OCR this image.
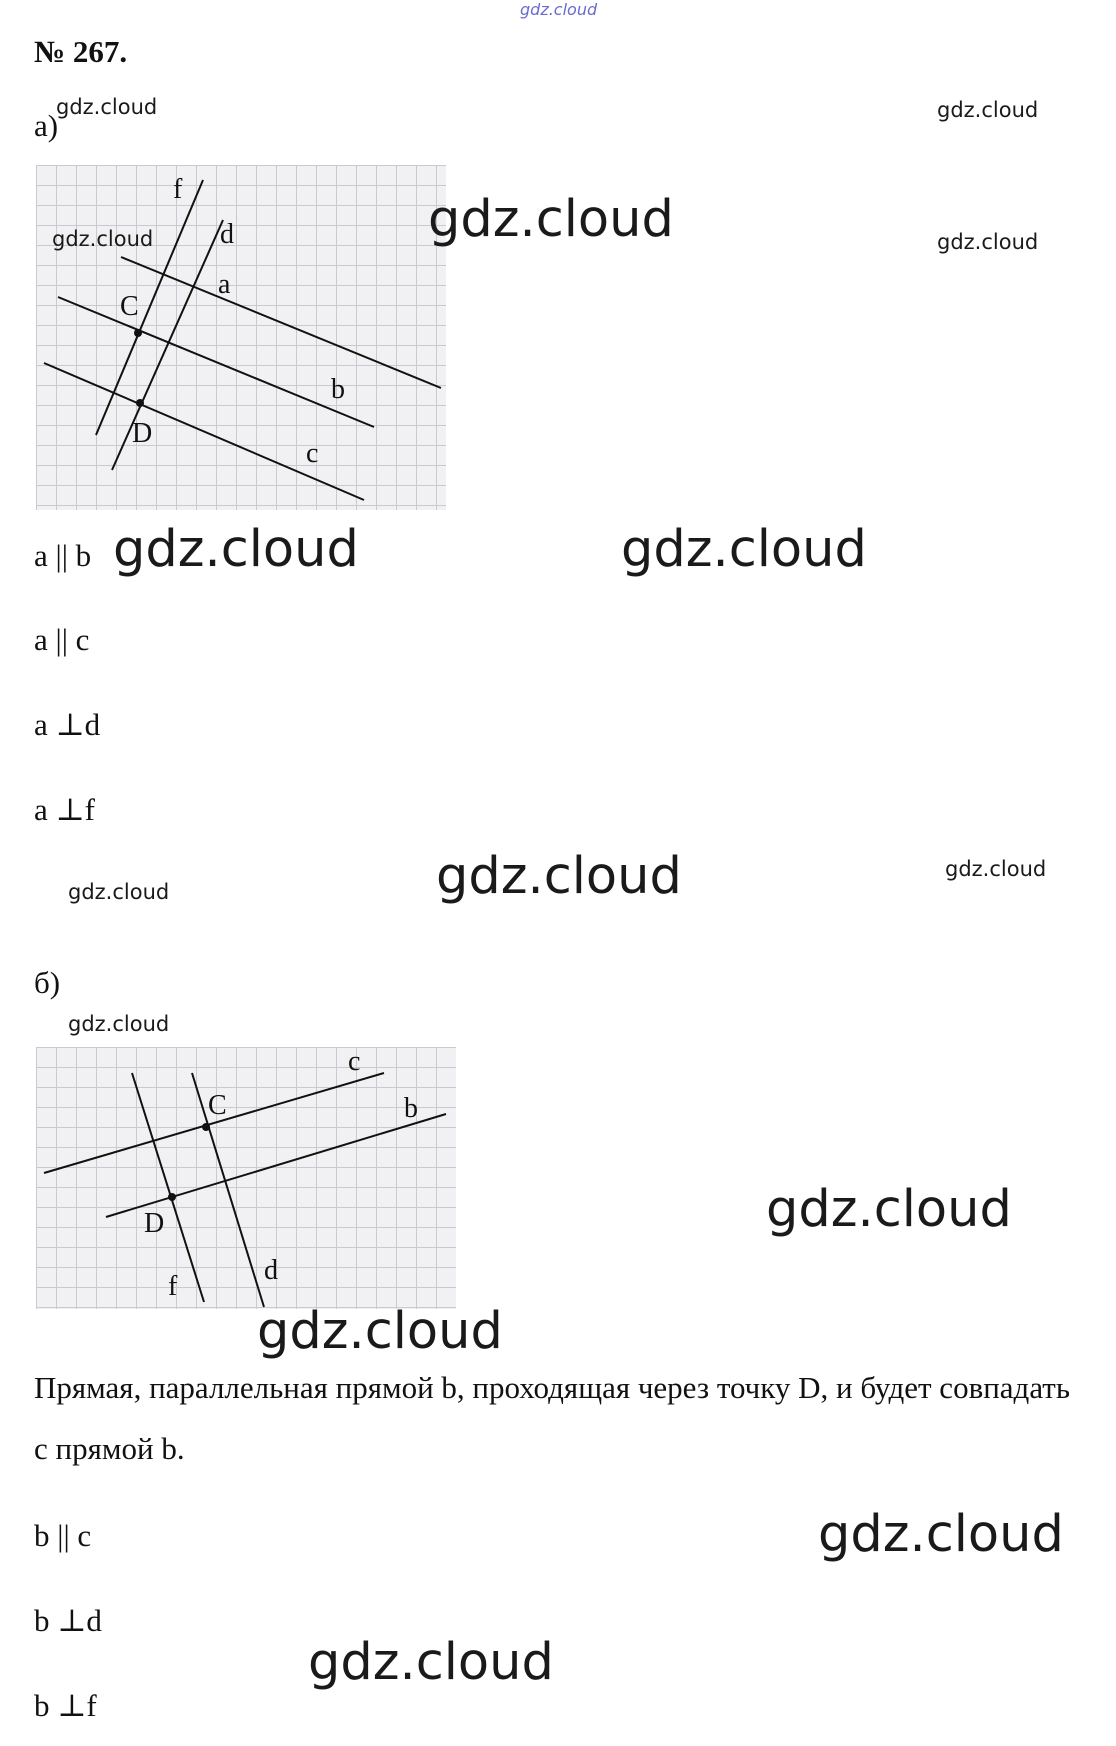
gdz.cloud
№ 267.
а)
gdz.cloud	gdz.cloud
gdz.cloud
f
d
a
b
c
C
D
gdz.cloud	gdz.cloud
a || b gdz.cloud	gdz.cloud
a || c
a ⊥d
a ⊥f
gdz.cloud	gdz.cloud	gdz.cloud
б)
gdz.cloud
c
b
C
D
f
d
gdz.cloud
gdz.cloud
Прямая, параллельная прямой b, проходящая через точку D, и будет совпадать с прямой b.
b || c	gdz.cloud
b ⊥d
gdz.cloud
b ⊥f
